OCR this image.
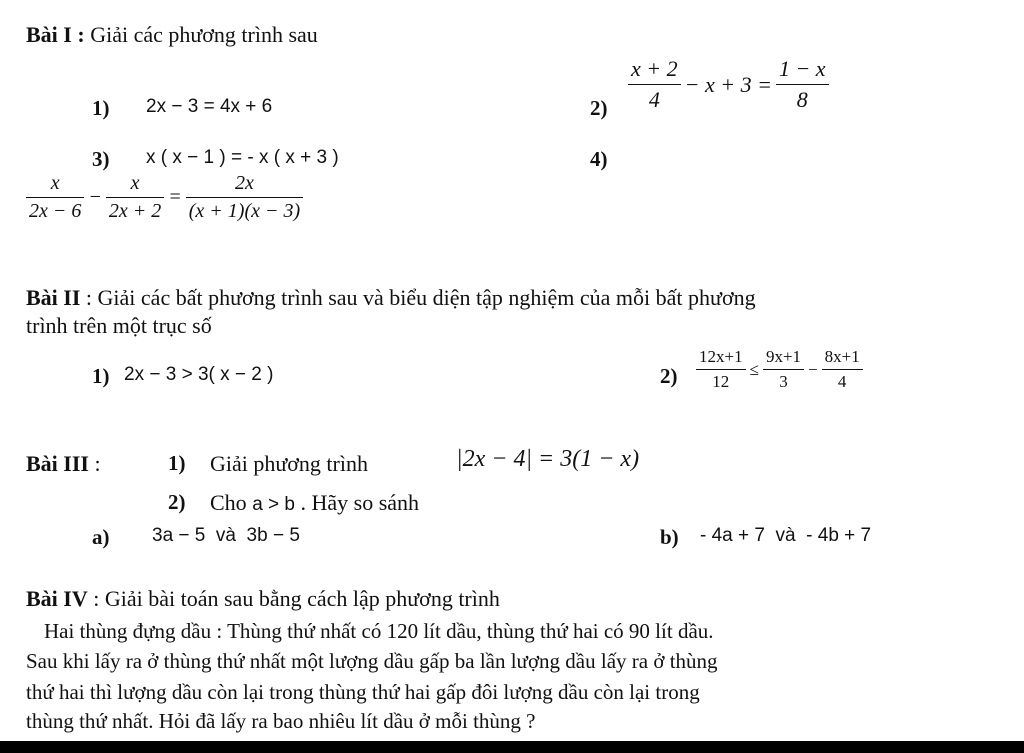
Bài I : Giải các phương trình sau
1) 2x − 3 = 4x + 6	$2) \frac{x + 2}{4} - x + 3 = \frac{1 - x}{8}$
3) x ( x − 1 ) = - x ( x + 3 )	4)
$\frac{x}{2x - 6} - \frac{x}{2x + 2} = \frac{2x}{(x + 1)(x - 3)}$
Bài II : Giải các bất phương trình sau và biểu diện tập nghiệm của mỗi bất phương
trình trên một trục số
1) 2x − 3 > 3( x − 2 )	$2) \frac{12x+1}{12} \le \frac{9x+1}{3} - \frac{8x+1}{4}$
Bài III :	1) Giải phương trình	|2x − 4| = 3(1 − x)
2) Cho a > b . Hãy so sánh
a) 3a − 5  và  3b − 5	b) - 4a + 7  và  - 4b + 7
Bài IV : Giải bài toán sau bằng cách lập phương trình
Hai thùng đựng dầu : Thùng thứ nhất có 120 lít dầu, thùng thứ hai có 90 lít dầu.
Sau khi lấy ra ở thùng thứ nhất một lượng dầu gấp ba lần lượng dầu lấy ra ở thùng
thứ hai thì lượng dầu còn lại trong thùng thứ hai gấp đôi lượng dầu còn lại trong
thùng thứ nhất. Hỏi đã lấy ra bao nhiêu lít dầu ở mỗi thùng ?
